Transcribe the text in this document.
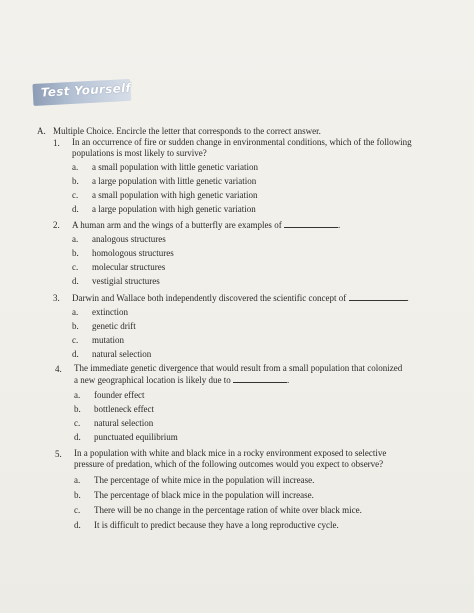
Test Yourself
A. Multiple Choice. Encircle the letter that corresponds to the correct answer.
1. In an occurrence of fire or sudden change in environmental conditions, which of the following
populations is most likely to survive?
a. a small population with little genetic variation
b. a large population with little genetic variation
c. a small population with high genetic variation
d. a large population with high genetic variation
2. A human arm and the wings of a butterfly are examples of	.
a. analogous structures
b. homologous structures
c. molecular structures
d. vestigial structures
3. Darwin and Wallace both independently discovered the scientific concept of	.
a. extinction
b. genetic drift
c. mutation
d. natural selection
4. The immediate genetic divergence that would result from a small population that colonized
a new geographical location is likely due to	.
a. founder effect
b. bottleneck effect
c. natural selection
d. punctuated equilibrium
5. In a population with white and black mice in a rocky environment exposed to selective
pressure of predation, which of the following outcomes would you expect to observe?
a. The percentage of white mice in the population will increase.
b. The percentage of black mice in the population will increase.
c. There will be no change in the percentage ration of white over black mice.
d. It is difficult to predict because they have a long reproductive cycle.
